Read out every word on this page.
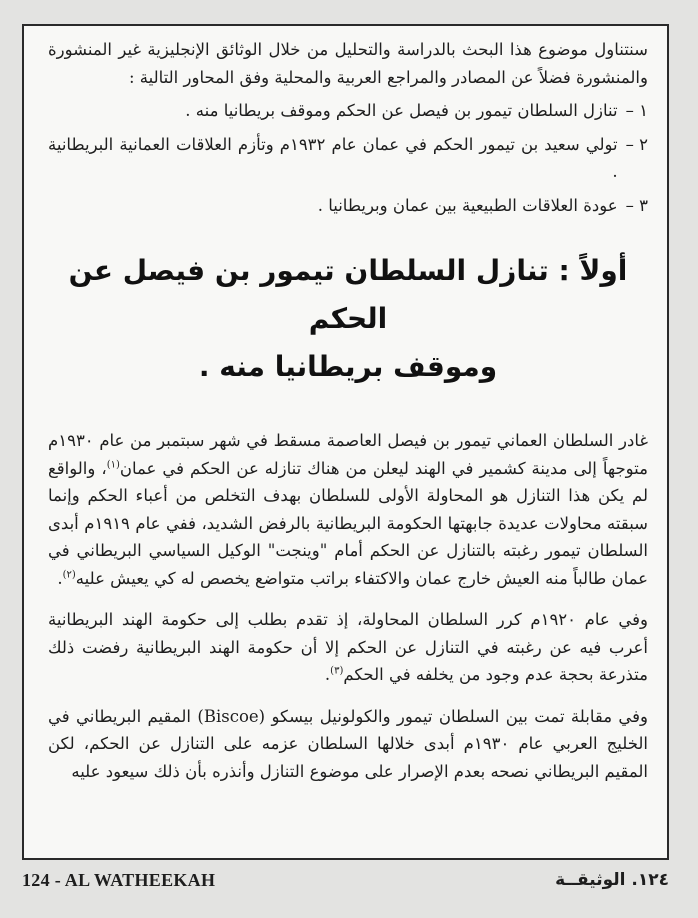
سنتناول موضوع هذا البحث بالدراسة والتحليل من خلال الوثائق الإنجليزية غير المنشورة والمنشورة فضلاً عن المصادر والمراجع العربية والمحلية وفق المحاور التالية :

١ –
تنازل السلطان تيمور بن فيصل عن الحكم وموقف بريطانيا منه .
٢ –
تولي سعيد بن تيمور الحكم في عمان عام ١٩٣٢م وتأزم العلاقات العمانية البريطانية .
٣ –
عودة العلاقات الطبيعية بين عمان وبريطانيا .
أولاً : تنازل السلطان تيمور بن فيصل عن الحكم
وموقف بريطانيا منه .

غادر السلطان العماني تيمور بن فيصل العاصمة مسقط في شهر سبتمبر من عام ١٩٣٠م متوجهاً إلى مدينة كشمير في الهند ليعلن من هناك تنازله عن الحكم في عمان$^{(١)}$، والواقع لم يكن هذا التنازل هو المحاولة الأولى للسلطان بهدف التخلص من أعباء الحكم وإنما سبقته محاولات عديدة جابهتها الحكومة البريطانية بالرفض الشديد، ففي عام ١٩١٩م أبدى السلطان تيمور رغبته بالتنازل عن الحكم أمام "وينجت" الوكيل السياسي البريطاني في عمان طالباً منه العيش خارج عمان والاكتفاء براتب متواضع يخصص له كي يعيش عليه$^{(٢)}$.

وفي عام ١٩٢٠م كرر السلطان المحاولة، إذ تقدم بطلب إلى حكومة الهند البريطانية أعرب فيه عن رغبته في التنازل عن الحكم إلا أن حكومة الهند البريطانية رفضت ذلك متذرعة بحجة عدم وجود من يخلفه في الحكم$^{(٣)}$.

وفي مقابلة تمت بين السلطان تيمور والكولونيل بيسكو (Biscoe) المقيم البريطاني في الخليج العربي عام ١٩٣٠م أبدى خلالها السلطان عزمه على التنازل عن الحكم، لكن المقيم البريطاني نصحه بعدم الإصرار على موضوع التنازل وأنذره بأن ذلك سيعود عليه

124 - AL WATHEEKAH	١٢٤. الوثيقــة
